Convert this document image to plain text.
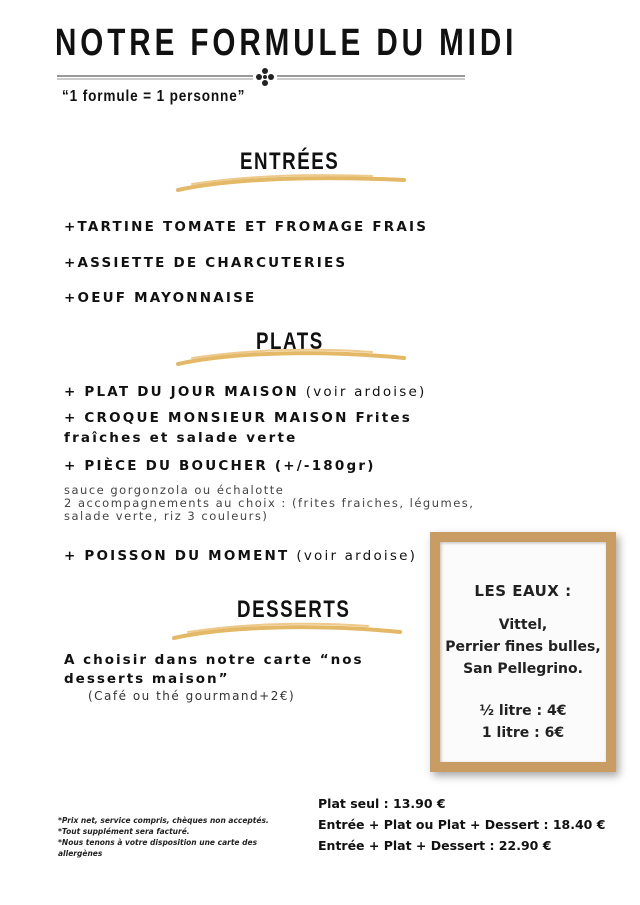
NOTRE FORMULE DU MIDI
“1 formule = 1 personne”
ENTRÉES
+TARTINE TOMATE ET FROMAGE FRAIS
+ASSIETTE DE CHARCUTERIES
+OEUF MAYONNAISE
PLATS
+ PLAT DU JOUR MAISON (voir ardoise)
+ CROQUE MONSIEUR MAISON Frites
fraîches et salade verte
+ PIÈCE DU BOUCHER (+/-180gr)
sauce gorgonzola ou échalotte
2 accompagnements au choix : (frites fraiches, légumes,
salade verte, riz 3 couleurs)
+ POISSON DU MOMENT (voir ardoise)
DESSERTS
A choisir dans notre carte “nos
desserts maison”
(Café ou thé gourmand+2€)
LES EAUX :
Vittel,
Perrier fines bulles,
San Pellegrino.
½ litre : 4€
1 litre : 6€
*Prix net, service compris, chèques non acceptés.
*Tout supplément sera facturé.
*Nous tenons à votre disposition une carte des
allergènes
Plat seul : 13.90 €
Entrée + Plat ou Plat + Dessert : 18.40 €
Entrée + Plat + Dessert : 22.90 €
